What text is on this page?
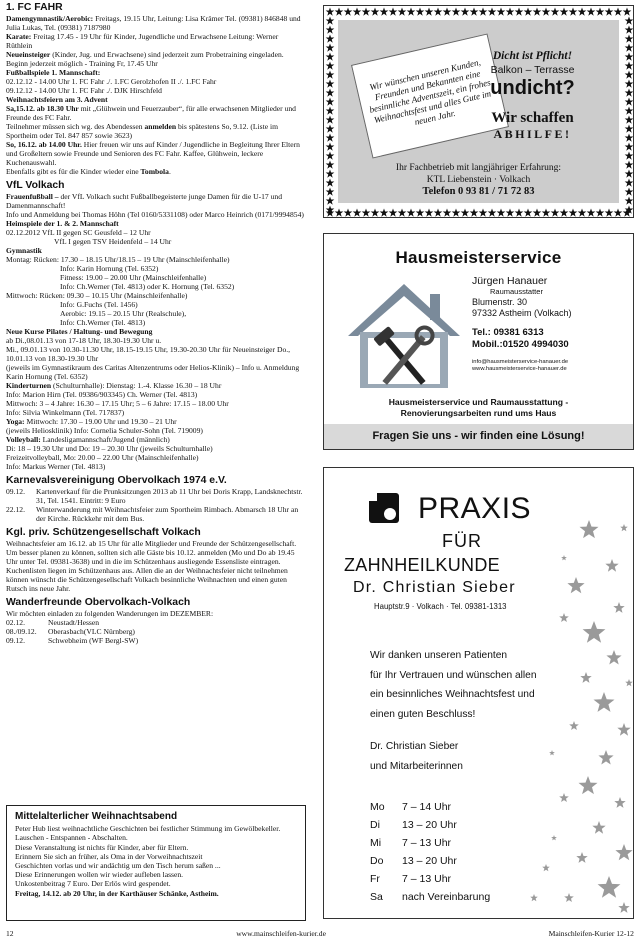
1. FC FAHR

Damengymnastik/Aerobic: Freitags, 19.15 Uhr, Leitung: Lisa Krämer Tel. (09381) 846848 und Julia Lukas, Tel. (09381) 7187980

Karate: Freitag 17.45 - 19 Uhr für Kinder, Jugendliche und Erwachsene Leitung: Werner Rüthlein

Neueinsteiger (Kinder, Jug. und Erwachsene) sind jederzeit zum Probetraining eingeladen. Beginn jederzeit möglich - Training Fr, 17.45 Uhr

Fußballspiele 1. Mannschaft:

02.12.12 - 14.00 Uhr 1. FC Fahr ./. 1.FC Gerolzhofen II ./. 1.FC Fahr

09.12.12 - 14.00 Uhr 1. FC Fahr ./. DJK Hirschfeld

Weihnachtsfeiern am 3. Advent

Sa,15.12. ab 18.30 Uhr mit „Glühwein und Feuerzauber“, für alle erwachsenen Mitglieder und Freunde des FC Fahr.

Teilnehmer müssen sich wg. des Abendessen anmelden bis spätestens So, 9.12. (Liste im Sportheim oder Tel. 847 857 sowie 3623)

So, 16.12. ab 14.00 Uhr. Hier freuen wir uns auf Kinder / Jugendliche in Begleitung Ihrer Eltern und Großeltern sowie Freunde und Senioren des FC Fahr. Kaffee, Glühwein, leckere Kuchenauswahl.

Ebenfalls gibt es für die Kinder wieder eine Tombola.

VfL Volkach

Frauenfußball – der VfL Volkach sucht Fußballbegeisterte junge Damen für die U-17 und Damenmannschaft!

Info und Anmeldung bei Thomas Höhn (Tel 0160/5331108) oder Marco Heinrich (0171/9994854)

Heimspiele der 1. & 2. Mannschaft

02.12.2012 VfL II gegen SC Geusfeld – 12 Uhr

VfL I gegen TSV Heidenfeld – 14 Uhr

Gymnastik

Montag: Rücken: 17.30 – 18.15 Uhr/18.15 – 19 Uhr (Mainschleifenhalle)

Info: Karin Hornung (Tel. 6352)

Fitness: 19.00 – 20.00 Uhr (Mainschleifenhalle)

Info: Ch.Werner (Tel. 4813) oder K. Hornung (Tel. 6352)

Mittwoch: Rücken: 09.30 – 10.15 Uhr (Mainschleifenhalle)

Info: G.Fuchs (Tel. 1456)

Aerobic: 19.15 – 20.15 Uhr (Realschule),

Info: Ch.Werner (Tel. 4813)

Neue Kurse Pilates / Haltung- und Bewegung

ab Di.,08.01.13 von 17-18 Uhr, 18.30-19.30 Uhr u.

Mi., 09.01.13 von 10.30-11.30 Uhr, 18.15-19.15 Uhr, 19.30-20.30 Uhr für Neueinsteiger Do., 10.01.13 von 18.30-19.30 Uhr

(jeweils im Gymnastikraum des Caritas Altenzentrums oder Helios-Klinik) – Info u. Anmeldung Karin Hornung (Tel. 6352)

Kinderturnen (Schulturnhalle): Dienstag: 1.-4. Klasse 16.30 – 18 Uhr

Info: Marion Hirn (Tel. 09386/903345) Ch. Werner (Tel. 4813)

Mittwoch: 3 – 4 Jahre: 16.30 – 17.15 Uhr; 5 – 6 Jahre: 17.15 – 18.00 Uhr

Info: Silvia Winkelmann (Tel. 717837)

Yoga: Mittwoch: 17.30 – 19.00 Uhr und 19.30 – 21 Uhr

(jeweils Heliosklinik) Info: Cornelia Schuler-Sohn (Tel. 719009)

Volleyball: Landesligamannschaft/Jugend (männlich)

Di: 18 – 19.30 Uhr und Do: 19 – 20.30 Uhr (jeweils Schulturnhalle)

Freizeitvolleyball, Mo: 20.00 – 22.00 Uhr (Mainschleifenhalle)

Info: Markus Werner (Tel. 4813)

Karnevalsvereinigung Obervolkach 1974 e.V.
09.12.	Kartenverkauf für die Prunksitzungen 2013 ab 11 Uhr bei Doris Krapp, Landsknechtstr. 31, Tel. 1541. Eintritt: 9 Euro
22.12.	Winterwanderung mit Weihnachtsfeier zum Sportheim Rimbach. Abmarsch 18 Uhr an der Kirche. Rückkehr mit dem Bus.
Kgl. priv. Schützengesellschaft Volkach

Weihnachtsfeier am 16.12. ab 15 Uhr für alle Mitglieder und Freunde der Schützengesellschaft. Um besser planen zu können, sollten sich alle Gäste bis 10.12. anmelden (Mo und Do ab 19.45 Uhr unter Tel. 09381-3638) und in die im Schützenhaus ausliegende Essensliste eintragen. Kuchenlisten liegen im Schützenhaus aus. Allen die an der Weihnachtsfeier nicht teilnehmen können wünscht die Schützengesellschaft Volkach besinnliche Weihnachten und einen guten Rutsch ins neue Jahr.

Wanderfreunde Obervolkach-Volkach

Wir möchten einladen zu folgenden Wanderungen im DEZEMBER:

02.12.	Neustadt/Hessen
08./09.12.	Oberasbach(VLC Nürnberg)
09.12.	Schwebheim (WF Bergl-SW)
Mittelalterlicher Weihnachtsabend

Peter Hub liest weihnachtliche Geschichten bei festlicher Stimmung im Gewölbekeller. Lauschen - Entspannen - Abschalten.

Diese Veranstaltung ist nichts für Kinder, aber für Eltern.

Erinnern Sie sich an früher, als Oma in der Vorweihnachtszeit

Geschichten vorlas und wir andächtig um den Tisch herum saßen ...

Diese Erinnerungen wollen wir wieder aufleben lassen.

Unkostenbeitrag 7 Euro. Der Erlös wird gespendet.

Freitag, 14.12. ab 20 Uhr, in der Karthäuser Schänke, Astheim.

Wir wünschen unseren Kunden, Freunden und Bekannten eine besinnliche Adventszeit, ein frohes Weihnachtsfest und alles Gute im neuen Jahr.
Dicht ist Pflicht!
Balkon – Terrasse
undicht?
Wir schaffen
ABHILFE!
Ihr Fachbetrieb mit langjähriger Erfahrung:
KTL Liebenstein · Volkach
Telefon 0 93 81 / 71 72 83
Hausmeisterservice
Jürgen Hanauer
Raumausstatter
Blumenstr. 30
97332 Astheim (Volkach)
Tel.: 09381 6313
Mobil.:01520 4994030
info@hausmeisterservice-hanauer.de
www.hausmeisterservice-hanauer.de
Hausmeisterservice und Raumausstattung -
Renovierungsarbeiten rund ums Haus
Fragen Sie uns - wir finden eine Lösung!
PRAXIS
FÜR
ZAHNHEILKUNDE
Dr. Christian Sieber
Hauptstr.9 · Volkach · Tel. 09381-1313
Wir danken unseren Patienten
für Ihr Vertrauen und wünschen allen
ein besinnliches Weihnachtsfest und
einen guten Beschluss!
Dr. Christian Sieber
und Mitarbeiterinnen
Mo	7 – 14 Uhr
Di	13 – 20 Uhr
Mi	7 – 13 Uhr
Do	13 – 20 Uhr
Fr	7 – 13 Uhr
Sa	nach Vereinbarung
12	www.mainschleifen-kurier.de	Mainschleifen-Kurier 12-12
